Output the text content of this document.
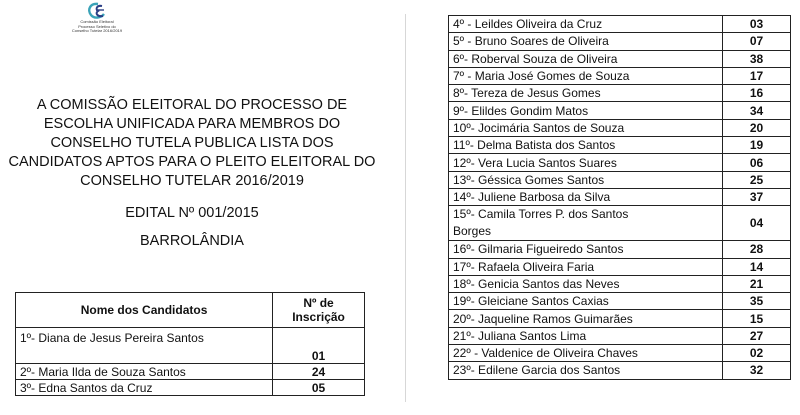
Comissão Eleitoral
Processo Seletivo do
Conselho Tutelar 2016/2019
A COMISSÃO ELEITORAL DO PROCESSO DE
ESCOLHA UNIFICADA PARA MEMBROS DO
CONSELHO TUTELA PUBLICA LISTA DOS
CANDIDATOS APTOS PARA O PLEITO ELEITORAL DO
CONSELHO TUTELAR 2016/2019
EDITAL Nº 001/2015
BARROLÂNDIA
Nome dos Candidatos	Nº de
Inscrição
1º- Diana de Jesus Pereira Santos	01
2º- Maria Ilda de Souza Santos	24
3º- Edna Santos da Cruz	05
4º - Leildes Oliveira da Cruz	03
5º - Bruno Soares de Oliveira	07
6º- Roberval Souza de Oliveira	38
7º - Maria José Gomes de Souza	17
8º- Tereza de Jesus Gomes	16
9º- Elildes Gondim Matos	34
10º- Jocimária Santos de Souza	20
11º- Delma Batista dos Santos	19
12º- Vera Lucia Santos Suares	06
13º- Géssica Gomes Santos	25
14º- Juliene Barbosa da Silva	37
15º- Camila Torres P. dos Santos
Borges	04
16º- Gilmaria Figueiredo Santos	28
17º- Rafaela Oliveira Faria	14
18º- Genicia Santos das Neves	21
19º- Gleiciane Santos Caxias	35
20º- Jaqueline Ramos Guimarães	15
21º- Juliana Santos Lima	27
22º - Valdenice de Oliveira Chaves	02
23º- Edilene Garcia dos Santos	32
